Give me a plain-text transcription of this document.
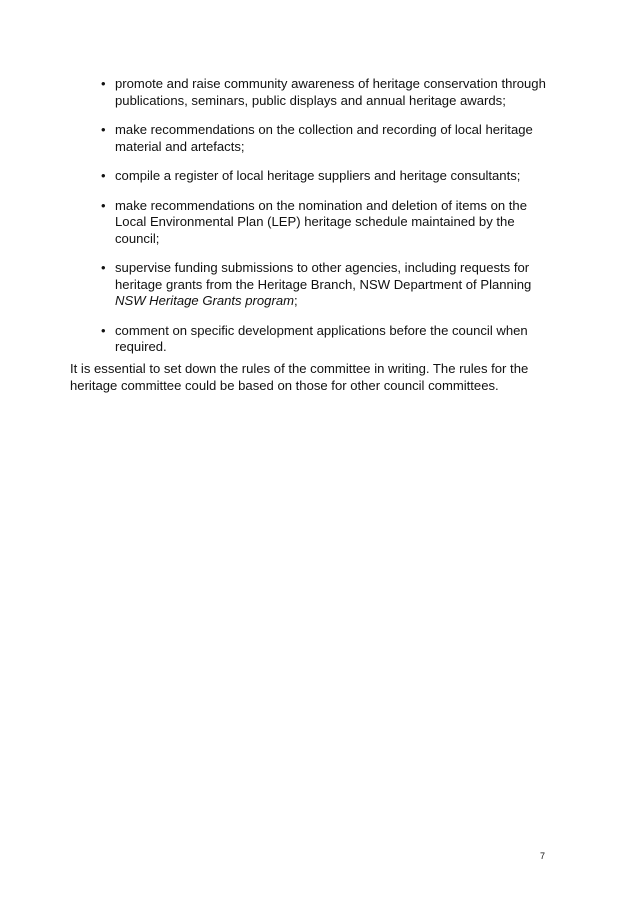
• promote and raise community awareness of heritage conservation through publications, seminars, public displays and annual heritage awards;
• make recommendations on the collection and recording of local heritage material and artefacts;
• compile a register of local heritage suppliers and heritage consultants;
• make recommendations on the nomination and deletion of items on the Local Environmental Plan (LEP) heritage schedule maintained by the council;
• supervise funding submissions to other agencies, including requests for heritage grants from the Heritage Branch, NSW Department of Planning NSW Heritage Grants program;
• comment on specific development applications before the council when required.

It is essential to set down the rules of the committee in writing. The rules for the heritage committee could be based on those for other council committees.

7
